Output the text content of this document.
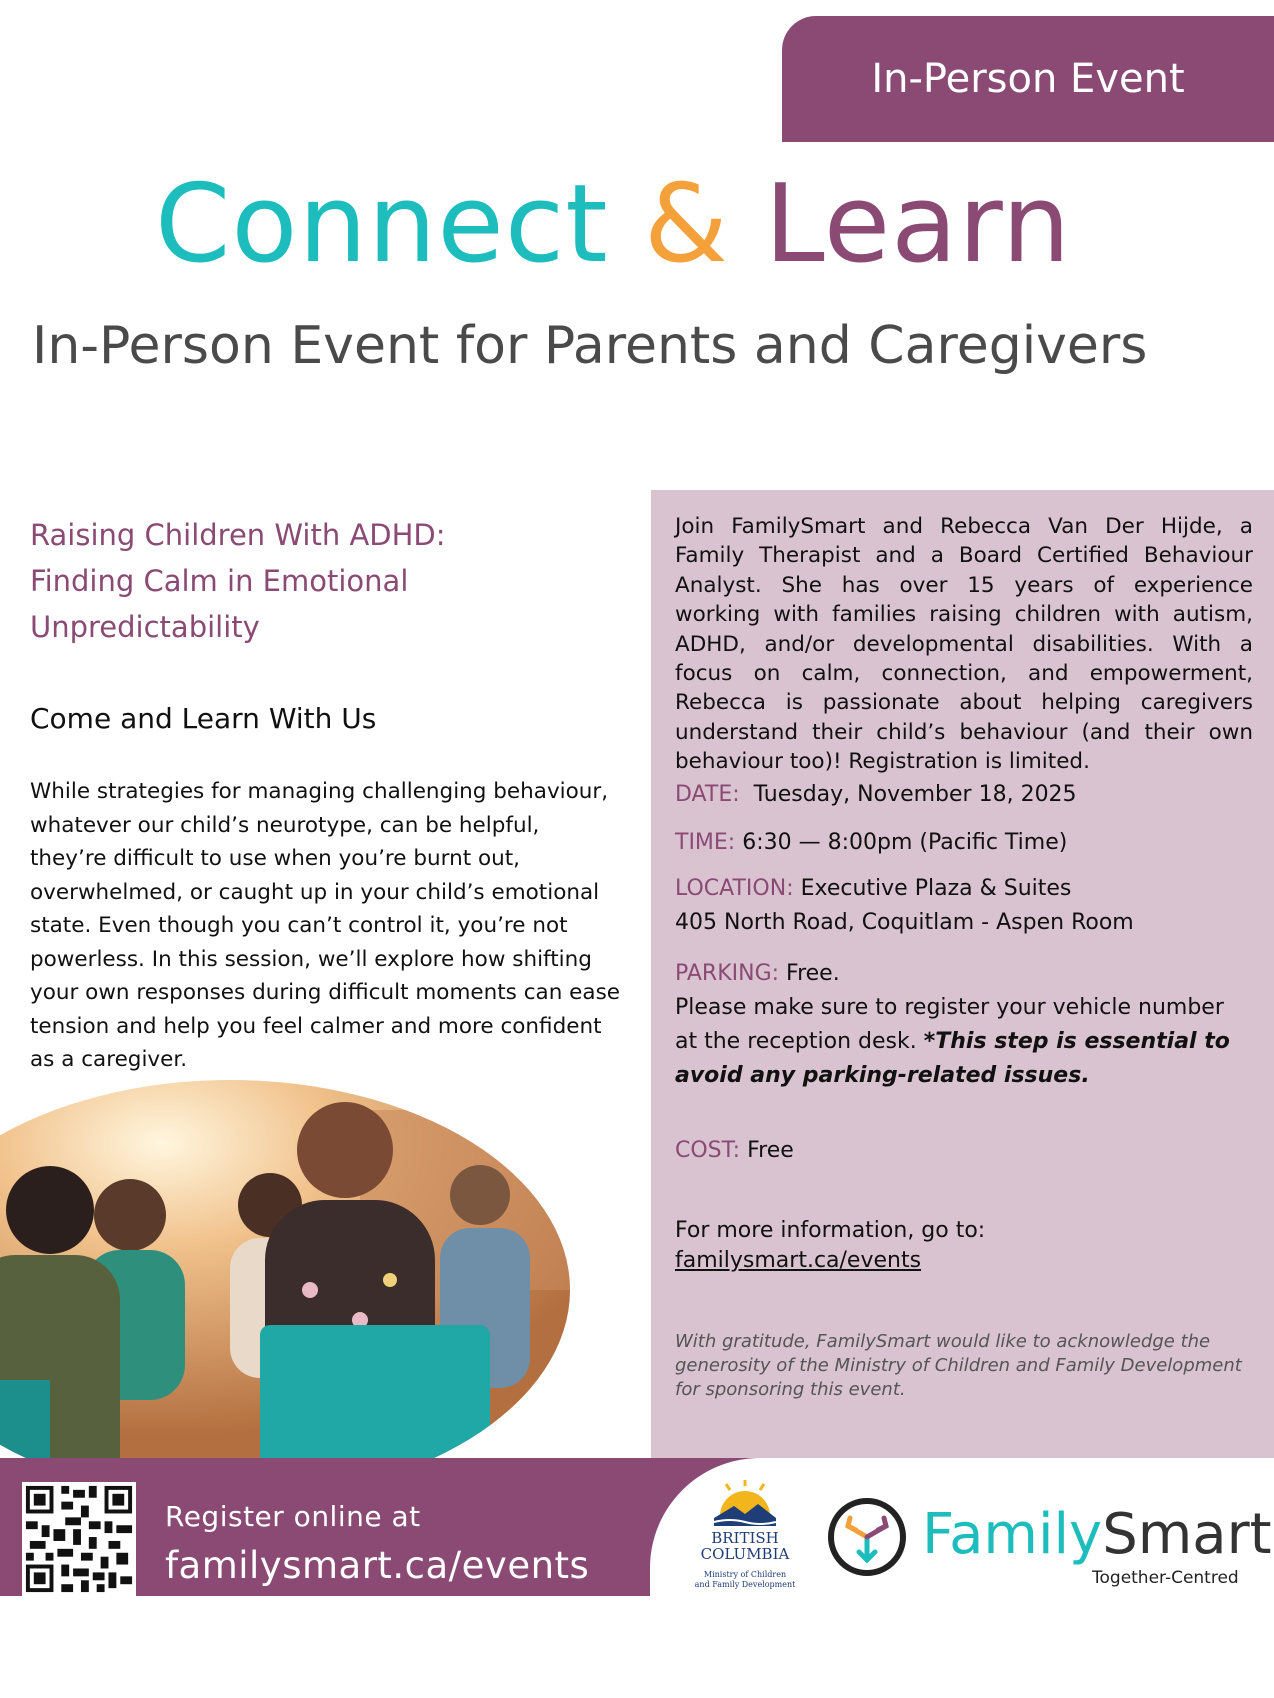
In-Person Event
Connect & Learn
In-Person Event for Parents and Caregivers
Raising Children With ADHD:
Finding Calm in Emotional
Unpredictability
Come and Learn With Us
While strategies for managing challenging behaviour, whatever our child’s neurotype, can be helpful, they’re difficult to use when you’re burnt out, overwhelmed, or caught up in your child’s emotional state. Even though you can’t control it, you’re not powerless. In this session, we’ll explore how shifting your own responses during difficult moments can ease tension and help you feel calmer and more confident as a caregiver.
Join FamilySmart and Rebecca Van Der Hijde, a Family Therapist and a Board Certified Behaviour Analyst. She has over 15 years of experience working with families raising children with autism, ADHD, and/or developmental disabilities. With a focus on calm, connection, and empowerment, Rebecca is passionate about helping caregivers understand their child’s behaviour (and their own behaviour too)! Registration is limited.
DATE: Tuesday, November 18, 2025
TIME: 6:30 — 8:00pm (Pacific Time)
LOCATION: Executive Plaza & Suites
405 North Road, Coquitlam - Aspen Room
PARKING: Free.
Please make sure to register your vehicle number
at the reception desk. *This step is essential to
avoid any parking-related issues.
COST: Free
For more information, go to:
familysmart.ca/events
With gratitude, FamilySmart would like to acknowledge the generosity of the Ministry of Children and Family Development for sponsoring this event.
Register online at
familysmart.ca/events
BRITISH
COLUMBIA
Ministry of Children
and Family Development
FamilySmart
Together-Centred
